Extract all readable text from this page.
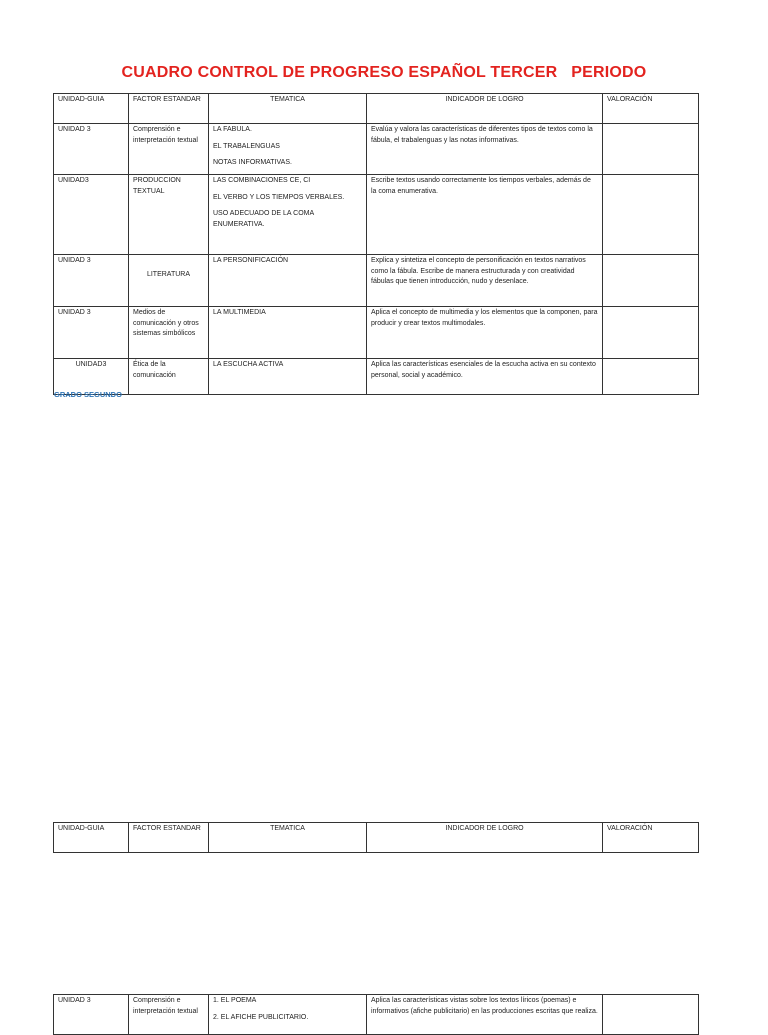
CUADRO CONTROL DE PROGRESO ESPAÑOL TERCER   PERIODO
UNIDAD-GUIA	FACTOR ESTANDAR	TEMATICA	INDICADOR DE LOGRO	VALORACIÓN
UNIDAD 3	Comprensión e interpretación textual	LA FABULA.

EL TRABALENGUAS

NOTAS INFORMATIVAS.	Evalúa y valora las características de diferentes tipos de textos como la fábula, el trabalenguas y las notas informativas.	
UNIDAD3	PRODUCCION TEXTUAL	LAS COMBINACIONES CE, CI

EL VERBO Y LOS TIEMPOS VERBALES.

USO ADECUADO DE LA COMA ENUMERATIVA.	Escribe textos usando correctamente los tiempos verbales, además de la coma enumerativa.	
UNIDAD 3	LITERATURA	LA PERSONIFICACIÓN	Explica y sintetiza el concepto de personificación en textos narrativos como la fábula. Escribe de manera estructurada y con creatividad fábulas que tienen introducción, nudo y desenlace.	
UNIDAD 3	Medios de comunicación y otros sistemas simbólicos	LA MULTIMEDIA	Aplica el concepto de multimedia y los elementos que la componen, para producir y crear textos multimodales.	
UNIDAD3	Ética de la comunicación	LA ESCUCHA ACTIVA	Aplica las características esenciales de la escucha activa en su contexto personal, social y académico.	
GRADO SEGUNDO
UNIDAD-GUIA	FACTOR ESTANDAR	TEMATICA	INDICADOR DE LOGRO	VALORACIÓN
UNIDAD 3	Comprensión e interpretación textual	

1. EL POEMA

2. EL AFICHE PUBLICITARIO.

	Aplica las características vistas sobre los textos líricos (poemas) e informativos (afiche publicitario) en las producciones escritas que realiza.	
